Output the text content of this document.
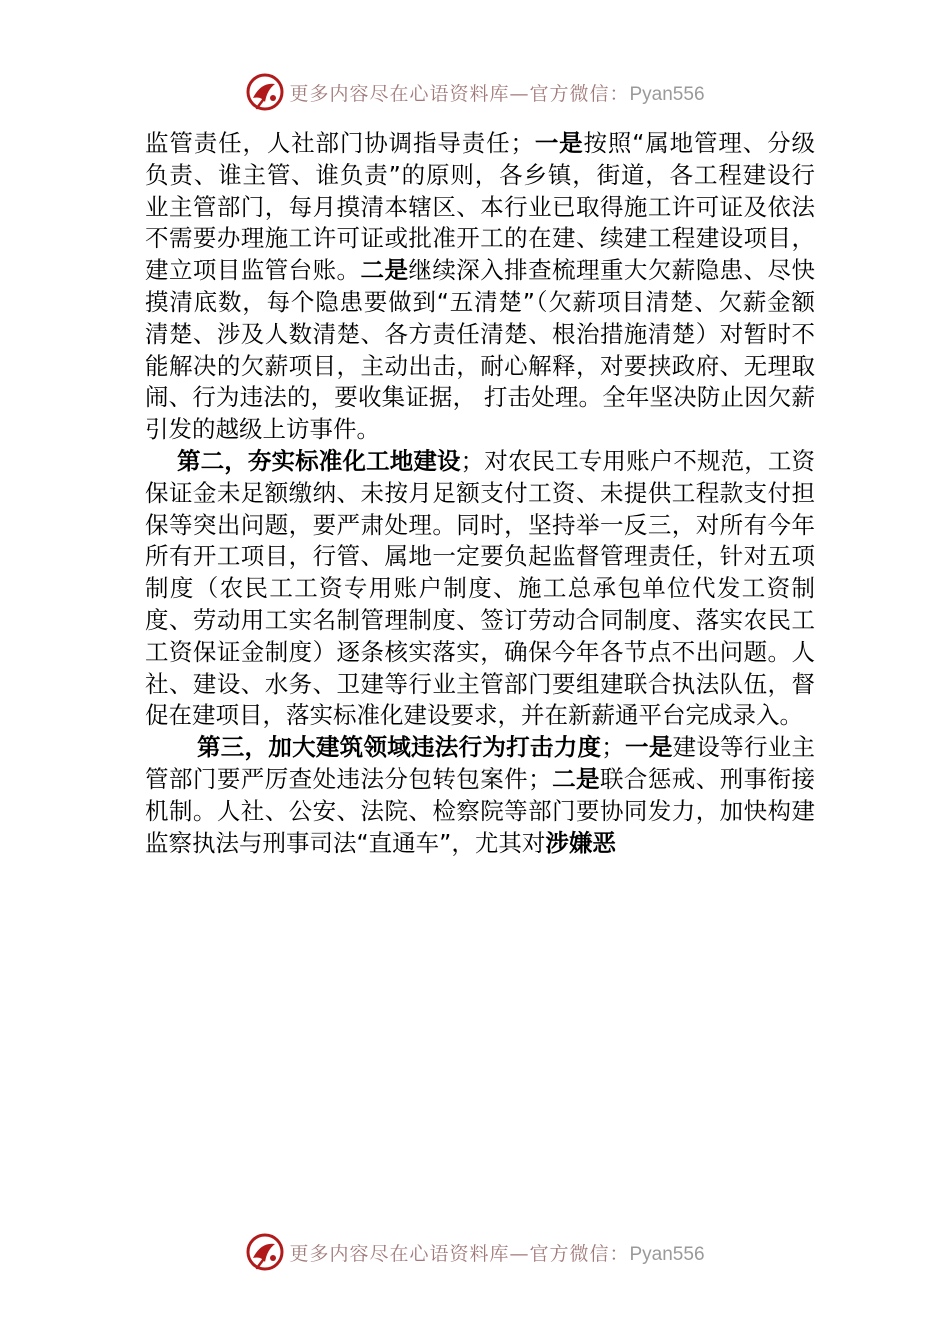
更多内容尽在心语资料库—官方微信：Pyan556

监管责任，人社部门协调指导责任；一是按照“属地管理、分级负责、谁主管、谁负责”的原则，各乡镇，街道，各工程建设行业主管部门，每月摸清本辖区、本行业已取得施工许可证及依法不需要办理施工许可证或批准开工的在建、续建工程建设项目，建立项目监管台账。二是继续深入排查梳理重大欠薪隐患、尽快摸清底数，每个隐患要做到“五清楚”（欠薪项目清楚、欠薪金额清楚、涉及人数清楚、各方责任清楚、根治措施清楚）对暂时不能解决的欠薪项目，主动出击，耐心解释，对要挟政府、无理取闹、行为违法的，要收集证据， 打击处理。全年坚决防止因欠薪引发的越级上访事件。

第二，夯实标准化工地建设；对农民工专用账户不规范，工资保证金未足额缴纳、未按月足额支付工资、未提供工程款支付担保等突出问题，要严肃处理。同时，坚持举一反三，对所有今年所有开工项目，行管、属地一定要负起监督管理责任，针对五项制度（农民工工资专用账户制度、施工总承包单位代发工资制度、劳动用工实名制管理制度、签订劳动合同制度、落实农民工工资保证金制度）逐条核实落实，确保今年各节点不出问题。人社、建设、水务、卫建等行业主管部门要组建联合执法队伍，督促在建项目，落实标准化建设要求，并在新薪通平台完成录入。

第三，加大建筑领域违法行为打击力度；一是建设等行业主管部门要严厉查处违法分包转包案件；二是联合惩戒、刑事衔接机制。人社、公安、法院、检察院等部门要协同发力，加快构建监察执法与刑事司法“直通车”，尤其对涉嫌恶

更多内容尽在心语资料库—官方微信：Pyan556
